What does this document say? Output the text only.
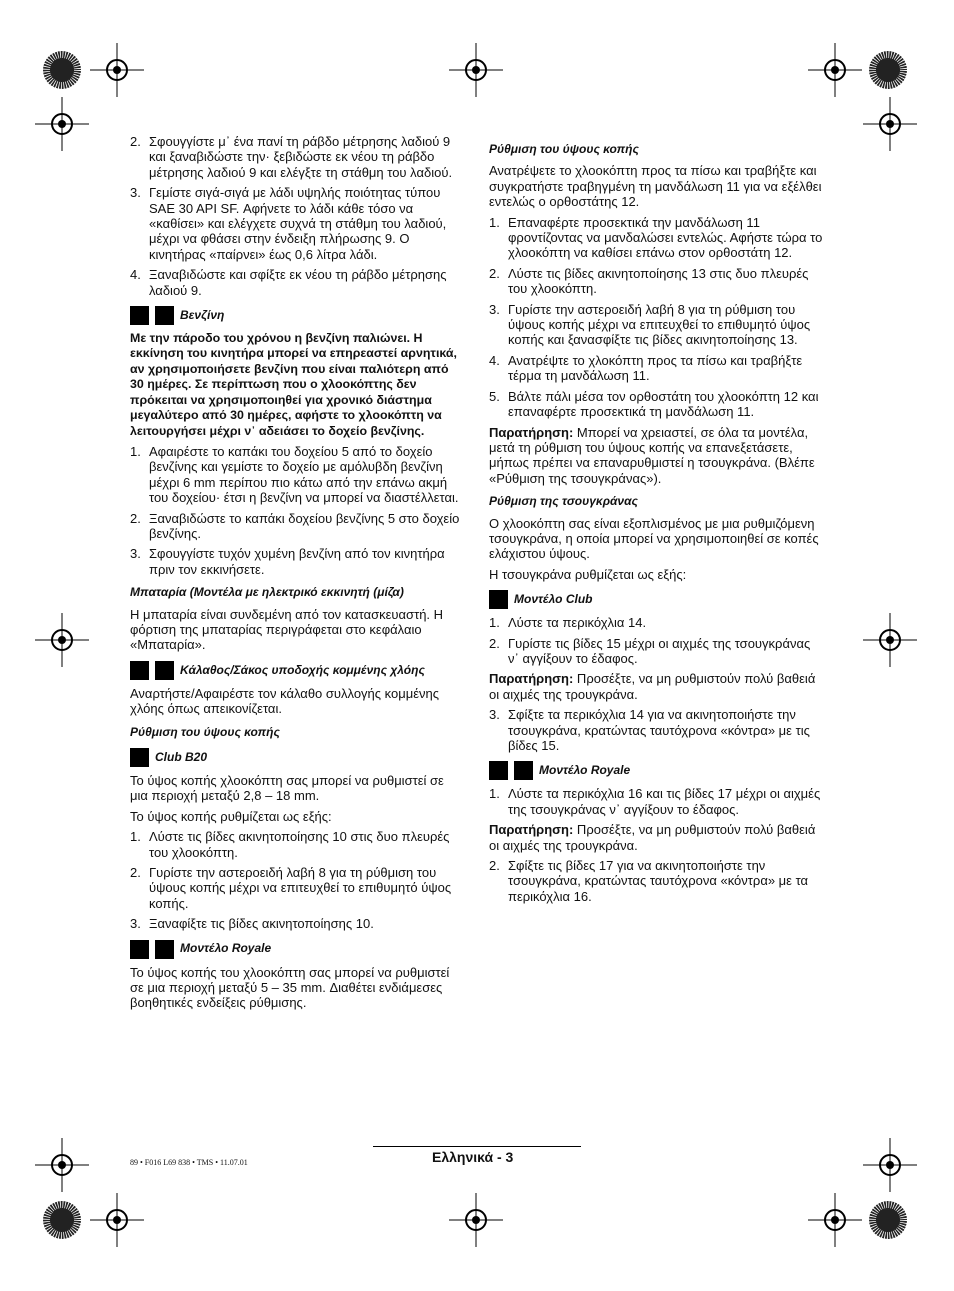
2. Σφουγγίστε μ᾽ ένα πανί τη ράβδο μέτρησης λαδιού 9 και ξαναβιδώστε την· ξεβιδώστε εκ νέου τη ράβδο μέτρησης λαδιού 9 και ελέγξτε τη στάθμη του λαδιού.
3. Γεμίστε σιγά-σιγά με λάδι υψηλής ποιότητας τύπου SAE 30 API SF. Αφήνετε το λάδι κάθε τόσο να «καθίσει» και ελέγχετε συχνά τη στάθμη του λαδιού, μέχρι να φθάσει στην ένδειξη πλήρωσης 9. Ο κινητήρας «παίρνει» έως 0,6 λίτρα λάδι.
4. Ξαναβιδώστε και σφίξτε εκ νέου τη ράβδο μέτρησης λαδιού 9.
Βενζίνη
Με την πάροδο του χρόνου η βενζίνη παλιώνει. Η εκκίνηση του κινητήρα μπορεί να επηρεαστεί αρνητικά, αν χρησιμοποιήσετε βενζίνη που είναι παλιότερη από 30 ημέρες. Σε περίπτωση που ο χλοοκόπτης δεν πρόκειται να χρησιμοποιηθεί για χρονικό διάστημα μεγαλύτερο από 30 ημέρες, αφήστε το χλοοκόπτη να λειτουργήσει μέχρι ν᾽ αδειάσει το δοχείο βενζίνης.
1. Αφαιρέστε το καπάκι του δοχείου 5 από το δοχείο βενζίνης και γεμίστε το δοχείο με αμόλυβδη βενζίνη μέχρι 6 mm περίπου πιο κάτω από την επάνω ακμή του δοχείου· έτσι η βενζίνη να μπορεί να διαστέλλεται.
2. Ξαναβιδώστε το καπάκι δοχείου βενζίνης 5 στο δοχείο βενζίνης.
3. Σφουγγίστε τυχόν χυμένη βενζίνη από τον κινητήρα πριν τον εκκινήσετε.
Μπαταρία (Μοντέλα με ηλεκτρικό εκκινητή (μίζα)
Η μπαταρία είναι συνδεμένη από τον κατασκευαστή. Η φόρτιση της μπαταρίας περιγράφεται στο κεφάλαιο «Μπαταρία».
Κάλαθος/Σάκος υποδοχής κομμένης χλόης
Αναρτήστε/Αφαιρέστε τον κάλαθο συλλογής κομμένης χλόης όπως απεικονίζεται.
Ρύθμιση του ύψους κοπής
Club B20
Το ύψος κοπής χλοοκόπτη σας μπορεί να ρυθμιστεί σε μια περιοχή μεταξύ 2,8 – 18 mm.
Το ύψος κοπής ρυθμίζεται ως εξής:
1. Λύστε τις βίδες ακινητοποίησης 10 στις δυο πλευρές του χλοοκόπτη.
2. Γυρίστε την αστεροειδή λαβή 8 για τη ρύθμιση του ύψους κοπής μέχρι να επιτευχθεί το επιθυμητό ύψος κοπής.
3. Ξαναφίξτε τις βίδες ακινητοποίησης 10.
Μοντέλο Royale
Το ύψος κοπής του χλοοκόπτη σας μπορεί να ρυθμιστεί σε μια περιοχή μεταξύ 5 – 35 mm. Διαθέτει ενδιάμεσες βοηθητικές ενδείξεις ρύθμισης.
Ρύθμιση του ύψους κοπής
Ανατρέψετε το χλοοκόπτη προς τα πίσω και τραβήξτε και συγκρατήστε τραβηγμένη τη μανδάλωση 11 για να εξέλθει εντελώς ο ορθοστάτης 12.
1. Επαναφέρτε προσεκτικά την μανδάλωση 11 φροντίζοντας να μανδαλώσει εντελώς. Αφήστε τώρα το χλοοκόπτη να καθίσει επάνω στον ορθοστάτη 12.
2. Λύστε τις βίδες ακινητοποίησης 13 στις δυο πλευρές του χλοοκόπτη.
3. Γυρίστε την αστεροειδή λαβή 8 για τη ρύθμιση του ύψους κοπής μέχρι να επιτευχθεί το επιθυμητό ύψος κοπής και ξανασφίξτε τις βίδες ακινητοποίησης 13.
4. Ανατρέψτε το χλοκόπτη προς τα πίσω και τραβήξτε τέρμα τη μανδάλωση 11.
5. Βάλτε πάλι μέσα τον ορθοστάτη του χλοοκόπτη 12 και επαναφέρτε προσεκτικά τη μανδάλωση 11.
Παρατήρηση: Μπορεί να χρειαστεί, σε όλα τα μοντέλα, μετά τη ρύθμιση του ύψους κοπής να επανεξετάσετε, μήπως πρέπει να επαναρυθμιστεί η τσουγκράνα. (Βλέπε «Ρύθμιση της τσουγκράνας»).
Ρύθμιση της τσουγκράνας
Ο χλοοκόπτη σας είναι εξοπλισμένος με μια ρυθμιζόμενη τσουγκράνα, η οποία μπορεί να χρησιμοποιηθεί σε κοπές ελάχιστου ύψους.
Η τσουγκράνα ρυθμίζεται ως εξής:
Μοντέλο Club
1. Λύστε τα περικόχλια 14.
2. Γυρίστε τις βίδες 15 μέχρι οι αιχμές της τσουγκράνας ν᾽ αγγίξουν το έδαφος.
Παρατήρηση: Προσέξτε, να μη ρυθμιστούν πολύ βαθειά οι αιχμές της τρουγκράνα.
3. Σφίξτε τα περικόχλια 14 για να ακινητοποιήστε την τσουγκράνα, κρατώντας ταυτόχρονα «κόντρα» με τις βίδες 15.
Μοντέλο Royale
1. Λύστε τα περικόχλια 16 και τις βίδες 17 μέχρι οι αιχμές της τσουγκράνας ν᾽ αγγίξουν το έδαφος.
Παρατήρηση: Προσέξτε, να μη ρυθμιστούν πολύ βαθειά οι αιχμές της τρουγκράνα.
2. Σφίξτε τις βίδες 17 για να ακινητοποιήστε την τσουγκράνα, κρατώντας ταυτόχρονα «κόντρα» με τα περικόχλια 16.
89 • F016 L69 838 • TMS • 11.07.01	Ελληνικά - 3
